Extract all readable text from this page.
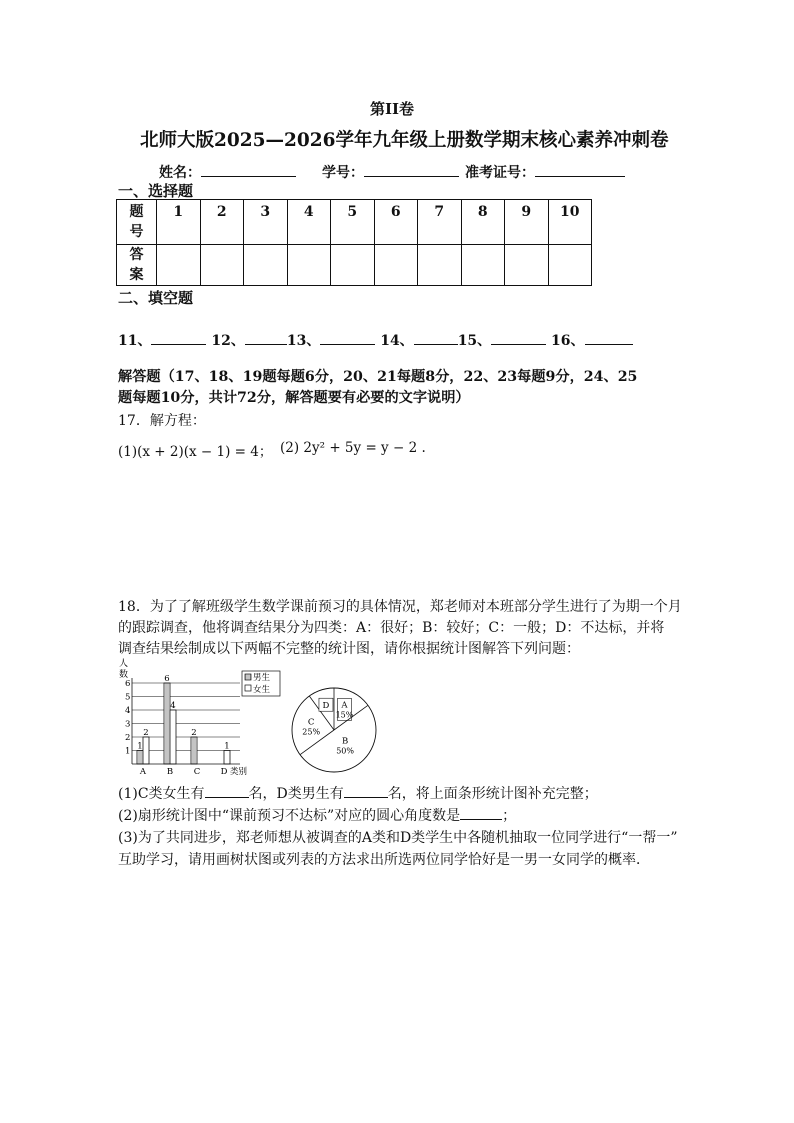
第II卷
北师大版2025—2026学年九年级上册数学期末核心素养冲刺卷
姓名：	学号：	准考证号：
一、选择题
题
号	1	2	3	4	5	6	7	8	9	10
答
案										
二、填空题
11、	12、	13、	14、	15、	16、
解答题（17、18、19题每题6分，20、21每题8分，22、23每题9分，24、25
题每题10分，共计72分，解答题要有必要的文字说明）
17．解方程：
(1)(x + 2)(x − 1) = 4； (2) 2y² + 5y = y − 2 .
18．为了了解班级学生数学课前预习的具体情况，郑老师对本班部分学生进行了为期一个月
的跟踪调查，他将调查结果分为四类：A：很好；B：较好；C：一般；D：不达标，并将
调查结果绘制成以下两幅不完整的统计图，请你根据统计图解答下列问题：
人
数
1
2
3
4
5
6
1
2
A
6
4
B
2
C
1
D 类别
男生
女生
A
15%
B
50%
C
25%
D
(1)C类女生有	名，D类男生有	名，将上面条形统计图补充完整；
(2)扇形统计图中“课前预习不达标”对应的圆心角度数是	；
(3)为了共同进步，郑老师想从被调查的A类和D类学生中各随机抽取一位同学进行“一帮一”
互助学习，请用画树状图或列表的方法求出所选两位同学恰好是一男一女同学的概率．
